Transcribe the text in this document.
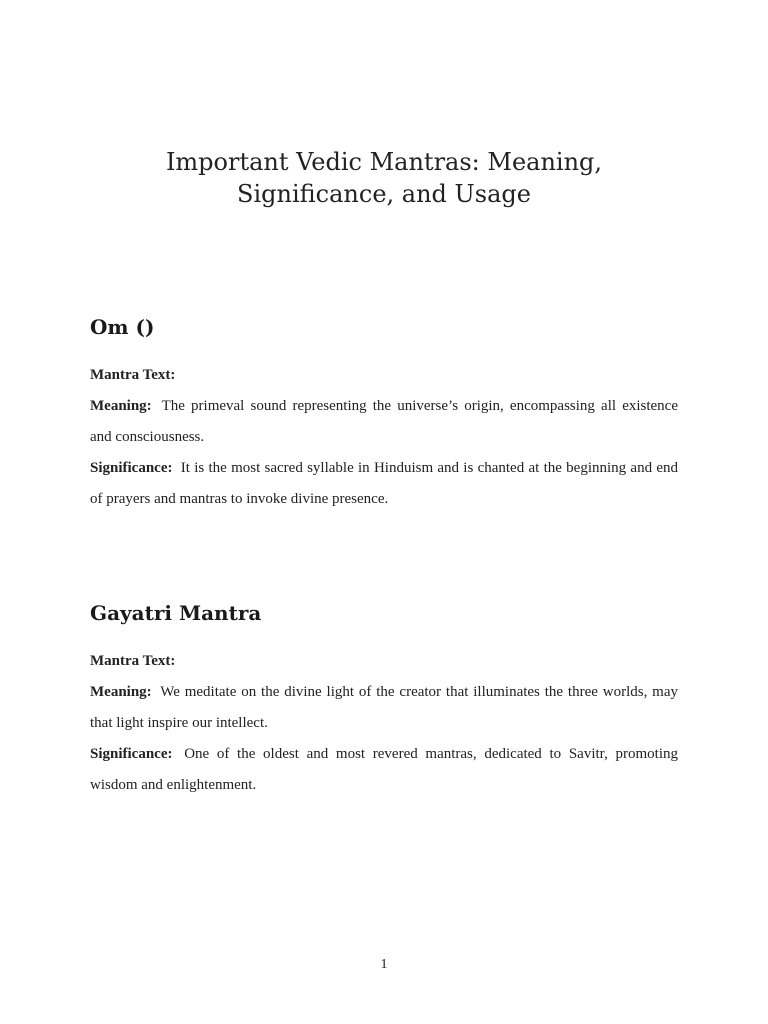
Important Vedic Mantras: Meaning, Significance, and Usage
Om ()

Mantra Text:

Meaning: The primeval sound representing the universe’s origin, encompassing all existence and consciousness.

Significance: It is the most sacred syllable in Hinduism and is chanted at the beginning and end of prayers and mantras to invoke divine presence.

Gayatri Mantra

Mantra Text:

Meaning: We meditate on the divine light of the creator that illuminates the three worlds, may that light inspire our intellect.

Significance: One of the oldest and most revered mantras, dedicated to Savitr, promoting wisdom and enlightenment.

1
